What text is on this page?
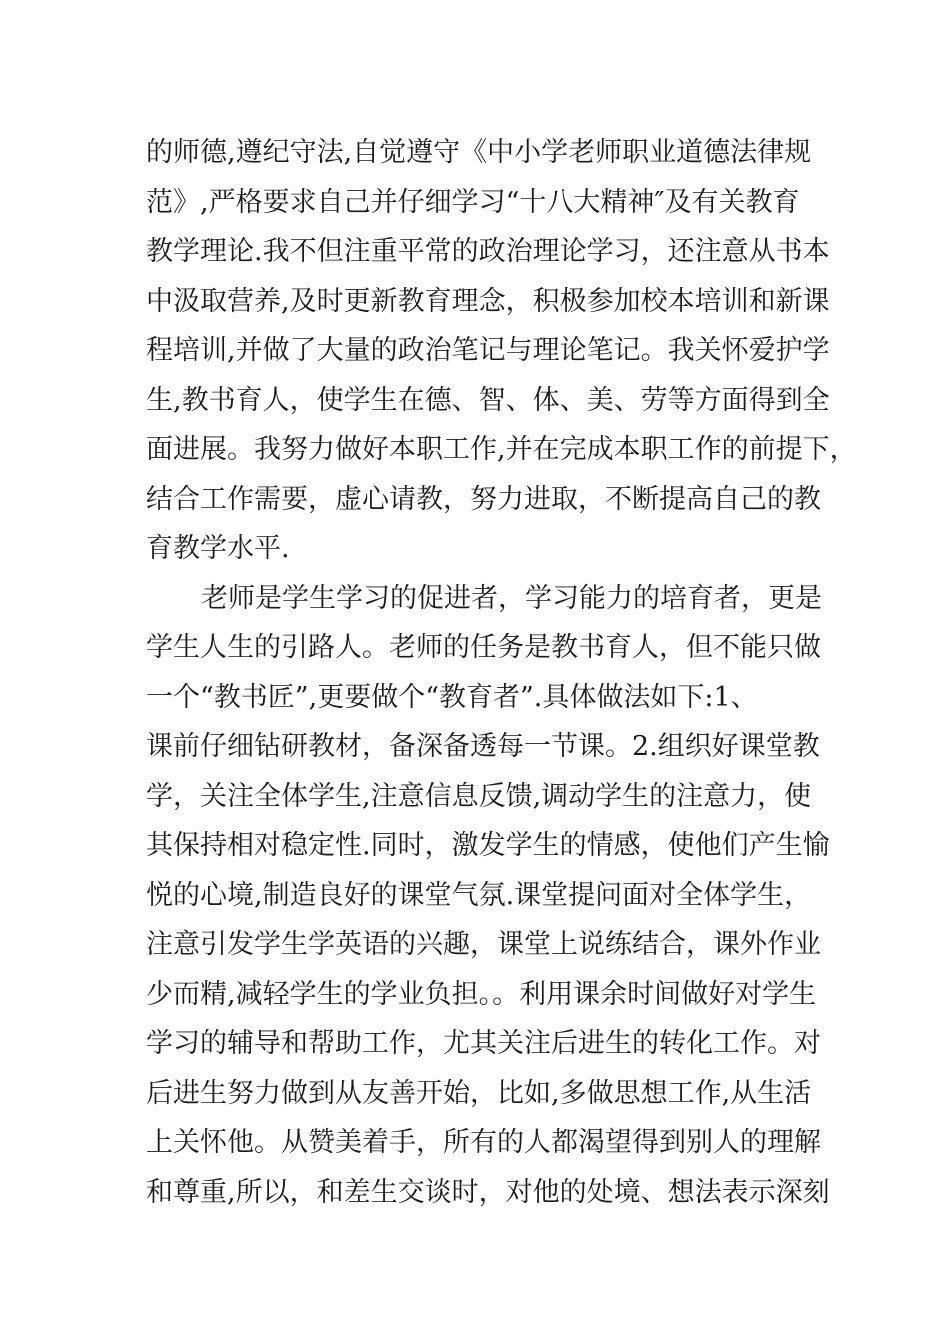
的师德,遵纪守法,自觉遵守《中小学老师职业道德法律规
范》,严格要求自己并仔细学习“十八大精神″及有关教育
教学理论.我不但注重平常的政治理论学习，还注意从书本
中汲取营养,及时更新教育理念，积极参加校本培训和新课
程培训,并做了大量的政治笔记与理论笔记。我关怀爱护学
生,教书育人，使学生在德、智、体、美、劳等方面得到全
面进展。我努力做好本职工作,并在完成本职工作的前提下，
结合工作需要，虚心请教，努力进取，不断提高自己的教
育教学水平.
老师是学生学习的促进者，学习能力的培育者，更是
学生人生的引路人。老师的任务是教书育人，但不能只做
一个“教书匠”,更要做个“教育者”.具体做法如下:1、
课前仔细钻研教材，备深备透每一节课。2.组织好课堂教
学，关注全体学生,注意信息反馈,调动学生的注意力，使
其保持相对稳定性.同时，激发学生的情感，使他们产生愉
悦的心境,制造良好的课堂气氛.课堂提问面对全体学生，
注意引发学生学英语的兴趣，课堂上说练结合，课外作业
少而精,减轻学生的学业负担。。利用课余时间做好对学生
学习的辅导和帮助工作，尤其关注后进生的转化工作。对
后进生努力做到从友善开始，比如,多做思想工作,从生活
上关怀他。从赞美着手，所有的人都渴望得到别人的理解
和尊重,所以，和差生交谈时，对他的处境、想法表示深刻
